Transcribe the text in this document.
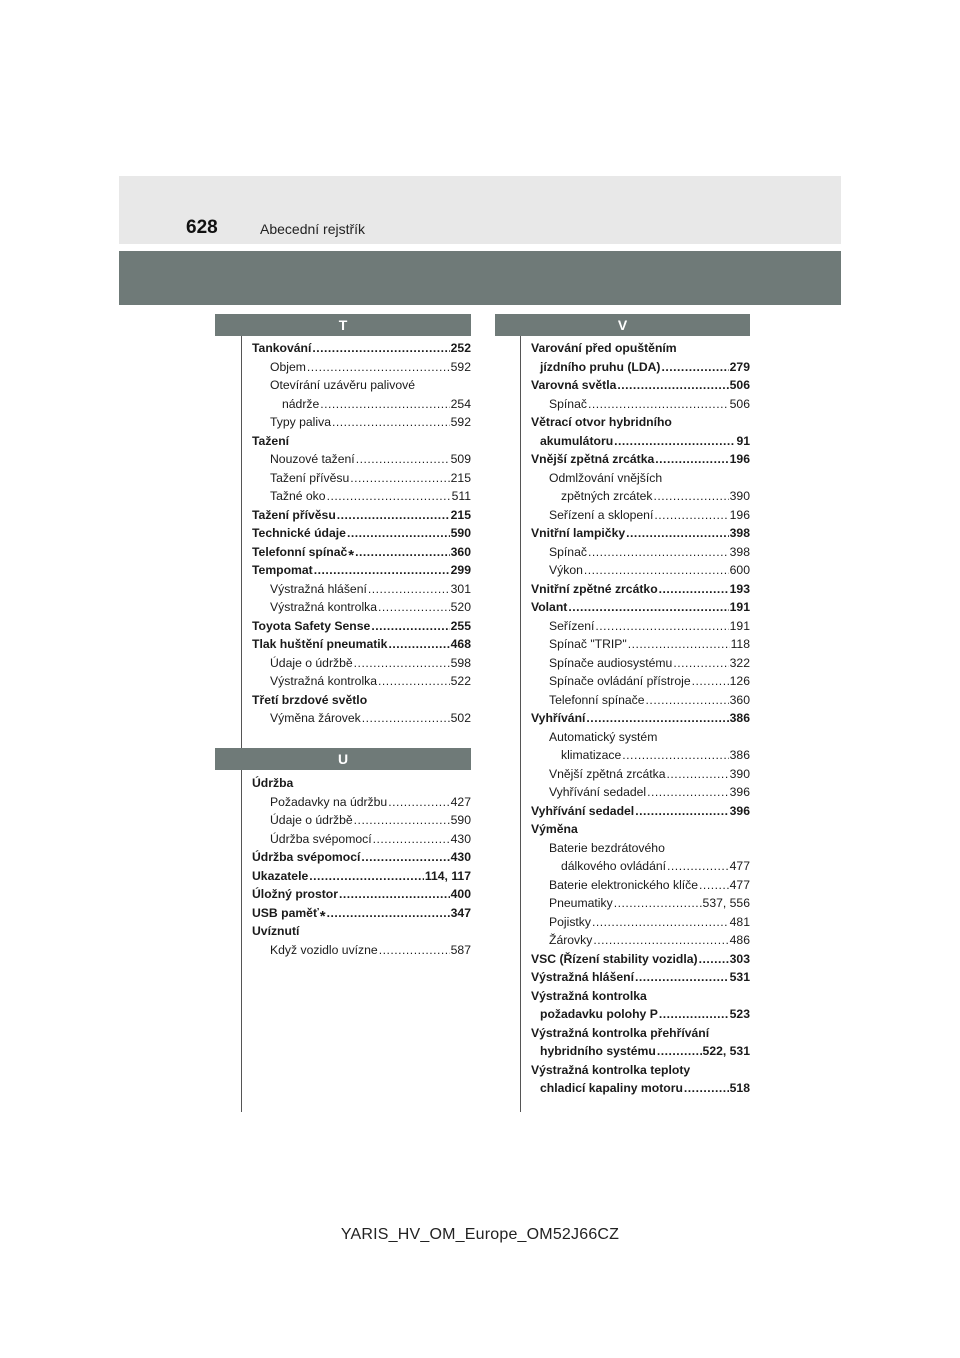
628	Abecední rejstřík
T
U
V
Tankování .....	252
Objem .....	592
Otevírání uzávěru palivové
nádrže .....	254
Typy paliva .....	592
Tažení
Nouzové tažení .....	509
Tažení přívěsu .....	215
Tažné oko .....	511
Tažení přívěsu .....	215
Technické údaje .....	590
Telefonní spínač * .....	360
Tempomat .....	299
Výstražná hlášení .....	301
Výstražná kontrolka .....	520
Toyota Safety Sense .....	255
Tlak huštění pneumatik .....	468
Údaje o údržbě .....	598
Výstražná kontrolka .....	522
Třetí brzdové světlo
Výměna žárovek .....	502
Údržba
Požadavky na údržbu .....	427
Údaje o údržbě .....	590
Údržba svépomocí .....	430
Údržba svépomocí .....	430
Ukazatele .....	114, 117
Úložný prostor .....	400
USB paměť * .....	347
Uvíznutí
Když vozidlo uvízne .....	587
Varování před opuštěním
jízdního pruhu (LDA) .....	279
Varovná světla .....	506
Spínač .....	506
Větrací otvor hybridního
akumulátoru .....	91
Vnější zpětná zrcátka .....	196
Odmlžování vnějších
zpětných zrcátek .....	390
Seřízení a sklopení .....	196
Vnitřní lampičky .....	398
Spínač .....	398
Výkon .....	600
Vnitřní zpětné zrcátko .....	193
Volant .....	191
Seřízení .....	191
Spínač "TRIP" .....	118
Spínače audiosystému .....	322
Spínače ovládání přístroje .....	126
Telefonní spínače .....	360
Vyhřívání .....	386
Automatický systém
klimatizace .....	386
Vnější zpětná zrcátka .....	390
Vyhřívání sedadel .....	396
Vyhřívání sedadel .....	396
Výměna
Baterie bezdrátového
dálkového ovládání .....	477
Baterie elektronického klíče .....	477
Pneumatiky .....	537, 556
Pojistky .....	481
Žárovky .....	486
VSC (Řízení stability vozidla) .....	303
Výstražná hlášení .....	531
Výstražná kontrolka
požadavku polohy P .....	523
Výstražná kontrolka přehřívání
hybridního systému .....	522, 531
Výstražná kontrolka teploty
chladicí kapaliny motoru .....	518
YARIS_HV_OM_Europe_OM52J66CZ
